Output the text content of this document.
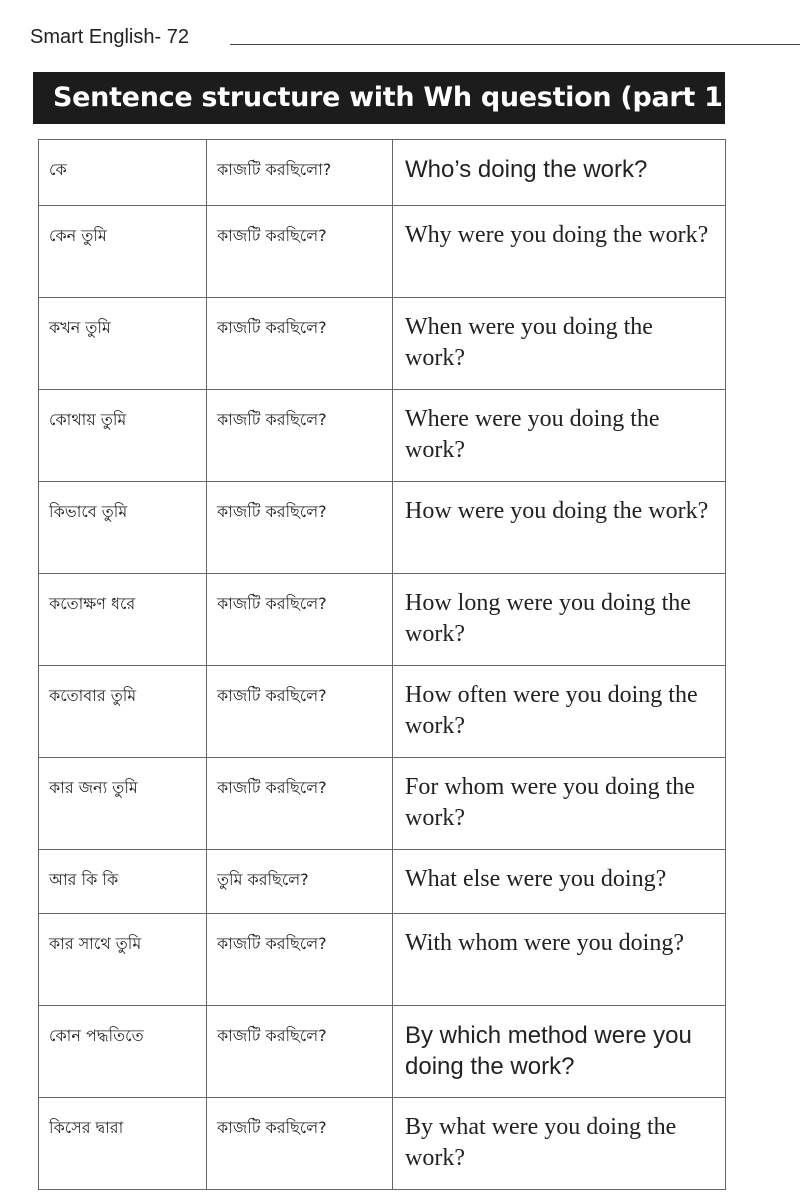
Smart English- 72
Sentence structure with Wh question (part 1)
কে	কাজটি করছিলো?	Who’s doing the work?

কেন তুমি	কাজটি করছিলে?	Why were you doing the work?

কখন তুমি	কাজটি করছিলে?	When were you doing the work?

কোথায় তুমি	কাজটি করছিলে?	Where were you doing the work?

কিভাবে তুমি	কাজটি করছিলে?	How were you doing the work?

কতোক্ষণ ধরে	কাজটি করছিলে?	How long were you doing the work?

কতোবার তুমি	কাজটি করছিলে?	How often were you doing the work?

কার জন্য তুমি	কাজটি করছিলে?	For whom were you doing the work?

আর কি কি	তুমি করছিলে?	What else were you doing?

কার সাথে তুমি	কাজটি করছিলে?	With whom were you doing?

কোন পদ্ধতিতে	কাজটি করছিলে?	By which method were you doing the work?

কিসের দ্বারা	কাজটি করছিলে?	By what were you doing the work?
